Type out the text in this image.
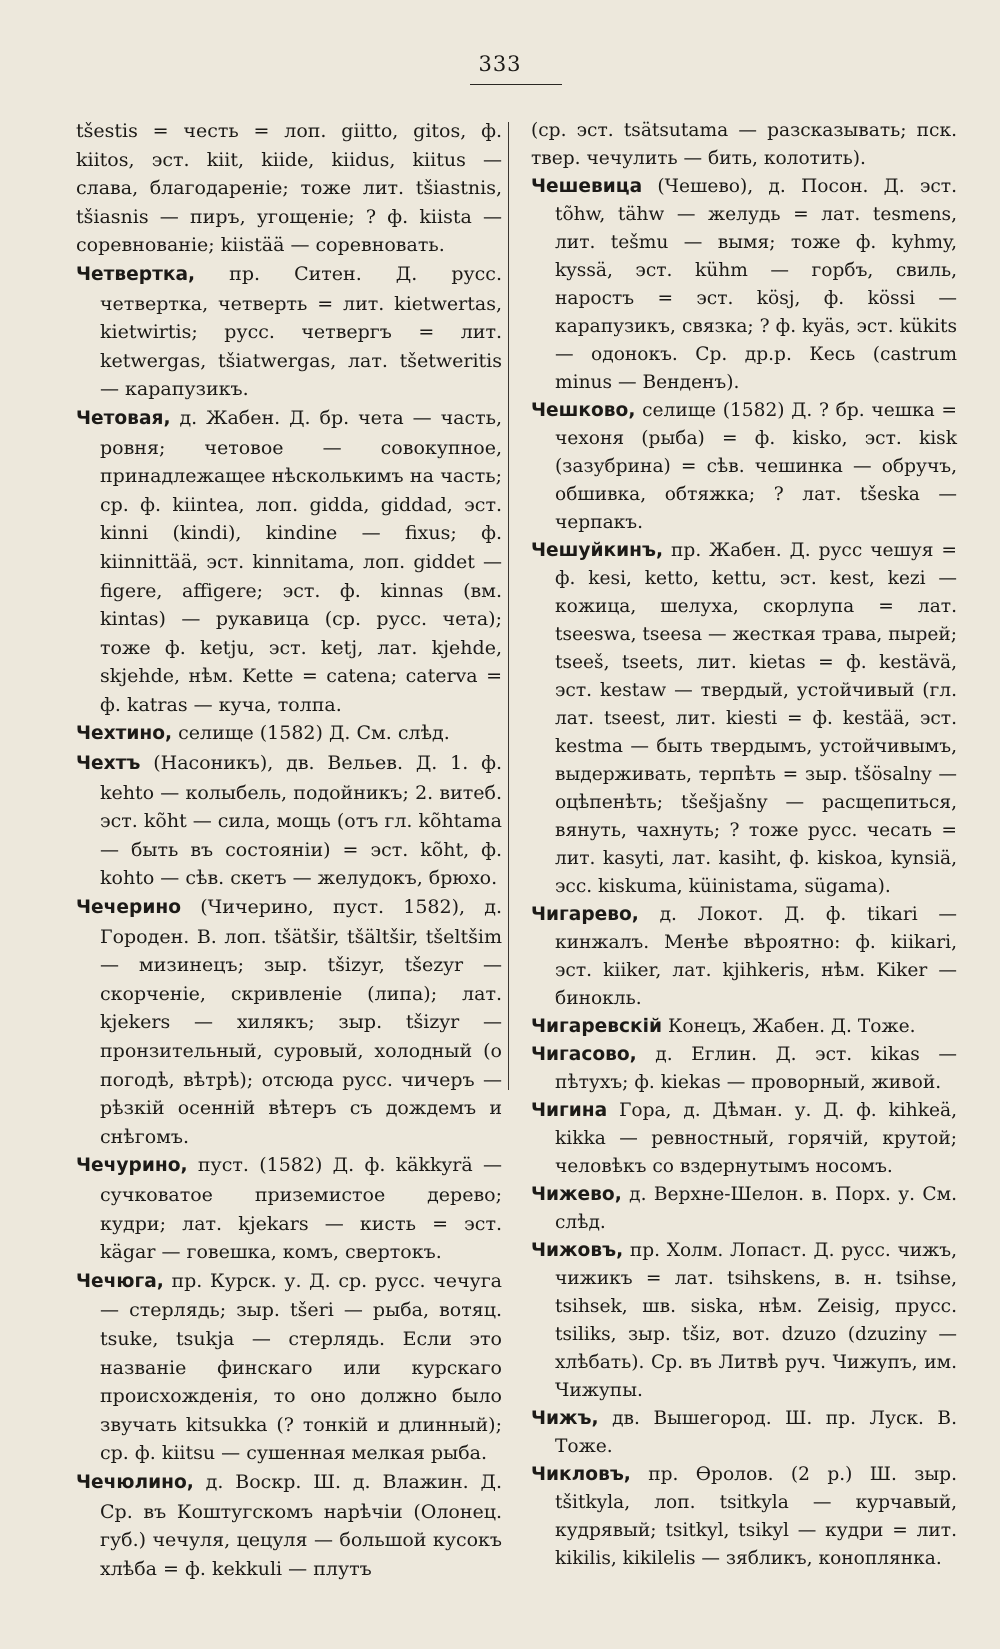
333

tšestis = честь = лоп. giitto, gitos, ф. kiitos, эст. kiit, kiide, kiidus, kiitus — слава, благодареніе; тоже лит. tšiastnis, tšiasnis — пиръ, угощеніе; ? ф. kiista — соревнованіе; kiistää — соревновать.

Четвертка, пр. Ситен. Д. русс. четвертка, четверть = лит. kietwertas, kietwirtis; русс. четвергъ = лит. ketwergas, tšiatwergas, лат. tšetweritis — карапузикъ.

Четовая, д. Жабен. Д. бр. чета — часть, ровня; четовое — совокупное, принадлежащее нѣсколькимъ на часть; ср. ф. kiintea, лоп. gidda, giddad, эст. kinni (kindi), kindine — fixus; ф. kiinnittää, эст. kinnitama, лоп. giddet — figere, affigere; эст. ф. kinnas (вм. kintas) — рукавица (ср. русс. чета); тоже ф. ketju, эст. ketj, лат. kjehde, skjehde, нѣм. Kette = catena; caterva = ф. katras — куча, толпа.

Чехтино, селище (1582) Д. См. слѣд.

Чехтъ (Насоникъ), дв. Вельев. Д. 1. ф. kehto — колыбель, подойникъ; 2. витеб. эст. kõht — сила, мощь (отъ гл. kõhtama — быть въ состояніи) = эст. kõht, ф. kohto — сѣв. скетъ — желудокъ, брюхо.

Чечерино (Чичерино, пуст. 1582), д. Городен. В. лоп. tšätšir, tšältšir, tšeltšim — мизинецъ; зыр. tšizyr, tšezyr — скорченіе, скривленіе (липа); лат. kjekers — хилякъ; зыр. tšizyr — пронзительный, суровый, холодный (о погодѣ, вѣтрѣ); отсюда русс. чичеръ — рѣзкій осенній вѣтеръ съ дождемъ и снѣгомъ.

Чечурино, пуст. (1582) Д. ф. käkkyrä — сучковатое приземистое дерево; кудри; лат. kjekars — кисть = эст. kägar — говешка, комъ, свертокъ.

Чечюга, пр. Курск. у. Д. ср. русс. чечуга — стерлядь; зыр. tšeri — рыба, вотяц. tsuke, tsukja — стерлядь. Если это названіе финскаго или курскаго происхожденія, то оно должно было звучать kitsukka (? тонкій и длинный); ср. ф. kiitsu — сушенная мелкая рыба.

Чечюлино, д. Воскр. Ш. д. Влажин. Д. Ср. въ Коштугскомъ нарѣчіи (Олонец. губ.) чечуля, цецуля — большой кусокъ хлѣба = ф. kekkuli — плутъ

(ср. эст. tsätsutama — разсказывать; пск. твер. чечулить — бить, колотить).

Чешевица (Чешево), д. Посон. Д. эст. tõhw, tähw — желудь = лат. tesmens, лит. tešmu — вымя; тоже ф. kyhmy, kyssä, эст. kühm — горбъ, свиль, наростъ = эст. kösj, ф. kössi — карапузикъ, связка; ? ф. kyäs, эст. kükits — одонокъ. Ср. др.р. Кесь (castrum minus — Венденъ).

Чешково, селище (1582) Д. ? бр. чешка = чехоня (рыба) = ф. kisko, эст. kisk (зазубрина) = сѣв. чешинка — обручъ, обшивка, обтяжка; ? лат. tšeska — черпакъ.

Чешуйкинъ, пр. Жабен. Д. русс чешуя = ф. kesi, ketto, kettu, эст. kest, kezi — кожица, шелуха, скорлупа = лат. tseeswa, tseesa — жесткая трава, пырей; tseeš, tseets, лит. kietas = ф. kestävä, эст. kestaw — твердый, устойчивый (гл. лат. tseest, лит. kiesti = ф. kestää, эст. kestma — быть твердымъ, устойчивымъ, выдерживать, терпѣть = зыр. tšösalny — оцѣпенѣть; tšešjašny — расщепиться, вянуть, чахнуть; ? тоже русс. чесать = лит. kasyti, лат. kasiht, ф. kiskoa, kynsiä, эсс. kiskuma, küinistama, sügama).

Чигарево, д. Локот. Д. ф. tikari — кинжалъ. Менѣе вѣроятно: ф. kiikari, эст. kiiker, лат. kjihkeris, нѣм. Kiker — бинокль.

Чигаревскій Конецъ, Жабен. Д. Тоже.

Чигасово, д. Еглин. Д. эст. kikas — пѣтухъ; ф. kiekas — проворный, живой.

Чигина Гора, д. Дѣман. у. Д. ф. kihkeä, kikka — ревностный, горячій, крутой; человѣкъ со вздернутымъ носомъ.

Чижево, д. Верхне-Шелон. в. Порх. у. См. слѣд.

Чижовъ, пр. Холм. Лопаст. Д. русс. чижъ, чижикъ = лат. tsihskens, в. н. tsihse, tsihsek, шв. siska, нѣм. Zeisig, прусс. tsiliks, зыр. tšiz, вот. dzuzo (dzuziny — хлѣбать). Ср. въ Литвѣ руч. Чижупъ, им. Чижупы.

Чижъ, дв. Вышегород. Ш. пр. Луск. В. Тоже.

Чикловъ, пр. Ѳролов. (2 р.) Ш. зыр. tšitkyla, лоп. tsitkyla — курчавый, кудрявый; tsitkyl, tsikyl — кудри = лит. kikilis, kikilelis — зябликъ, коноплянка.
